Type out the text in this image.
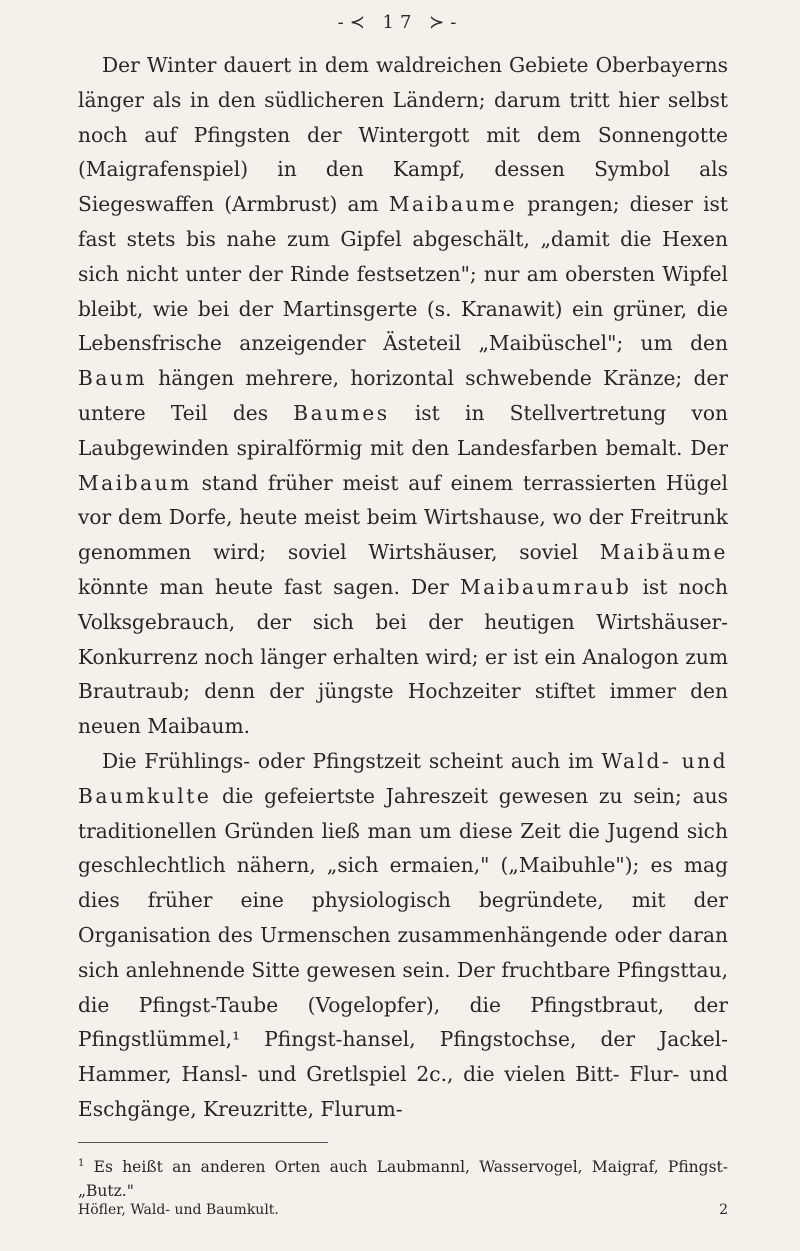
-≺ 17 ≻-

Der Winter dauert in dem waldreichen Gebiete Oberbayerns länger als in den südlicheren Ländern; darum tritt hier selbst noch auf Pfingsten der Wintergott mit dem Sonnengotte (Maigrafenspiel) in den Kampf, dessen Symbol als Siegeswaffen (Armbrust) am Maibaume prangen; dieser ist fast stets bis nahe zum Gipfel abgeschält, „damit die Hexen sich nicht unter der Rinde festsetzen"; nur am obersten Wipfel bleibt, wie bei der Martinsgerte (s. Kranawit) ein grüner, die Lebensfrische anzeigender Ästeteil „Maibüschel"; um den Baum hängen mehrere, horizontal schwebende Kränze; der untere Teil des Baumes ist in Stellvertretung von Laubgewinden spiralförmig mit den Landesfarben bemalt. Der Maibaum stand früher meist auf einem terrassierten Hügel vor dem Dorfe, heute meist beim Wirtshause, wo der Freitrunk genommen wird; soviel Wirtshäuser, soviel Maibäume könnte man heute fast sagen. Der Maibaumraub ist noch Volksgebrauch, der sich bei der heutigen Wirtshäuser-Konkurrenz noch länger erhalten wird; er ist ein Analogon zum Brautraub; denn der jüngste Hochzeiter stiftet immer den neuen Maibaum.

Die Frühlings- oder Pfingstzeit scheint auch im Wald- und Baumkulte die gefeiertste Jahreszeit gewesen zu sein; aus traditionellen Gründen ließ man um diese Zeit die Jugend sich geschlechtlich nähern, „sich ermaien," („Maibuhle"); es mag dies früher eine physiologisch begründete, mit der Organisation des Urmenschen zusammenhängende oder daran sich anlehnende Sitte gewesen sein. Der fruchtbare Pfingsttau, die Pfingst-Taube (Vogelopfer), die Pfingstbraut, der Pfingstlümmel,¹ Pfingst-hansel, Pfingstochse, der Jackel-Hammer, Hansl- und Gretlspiel 2c., die vielen Bitt- Flur- und Eschgänge, Kreuzritte, Flurum-

$^1$ Es heißt an anderen Orten auch Laubmannl, Wasservogel, Maigraf, Pfingst-„Butz."
Höfler, Wald- und Baumkult.	2
